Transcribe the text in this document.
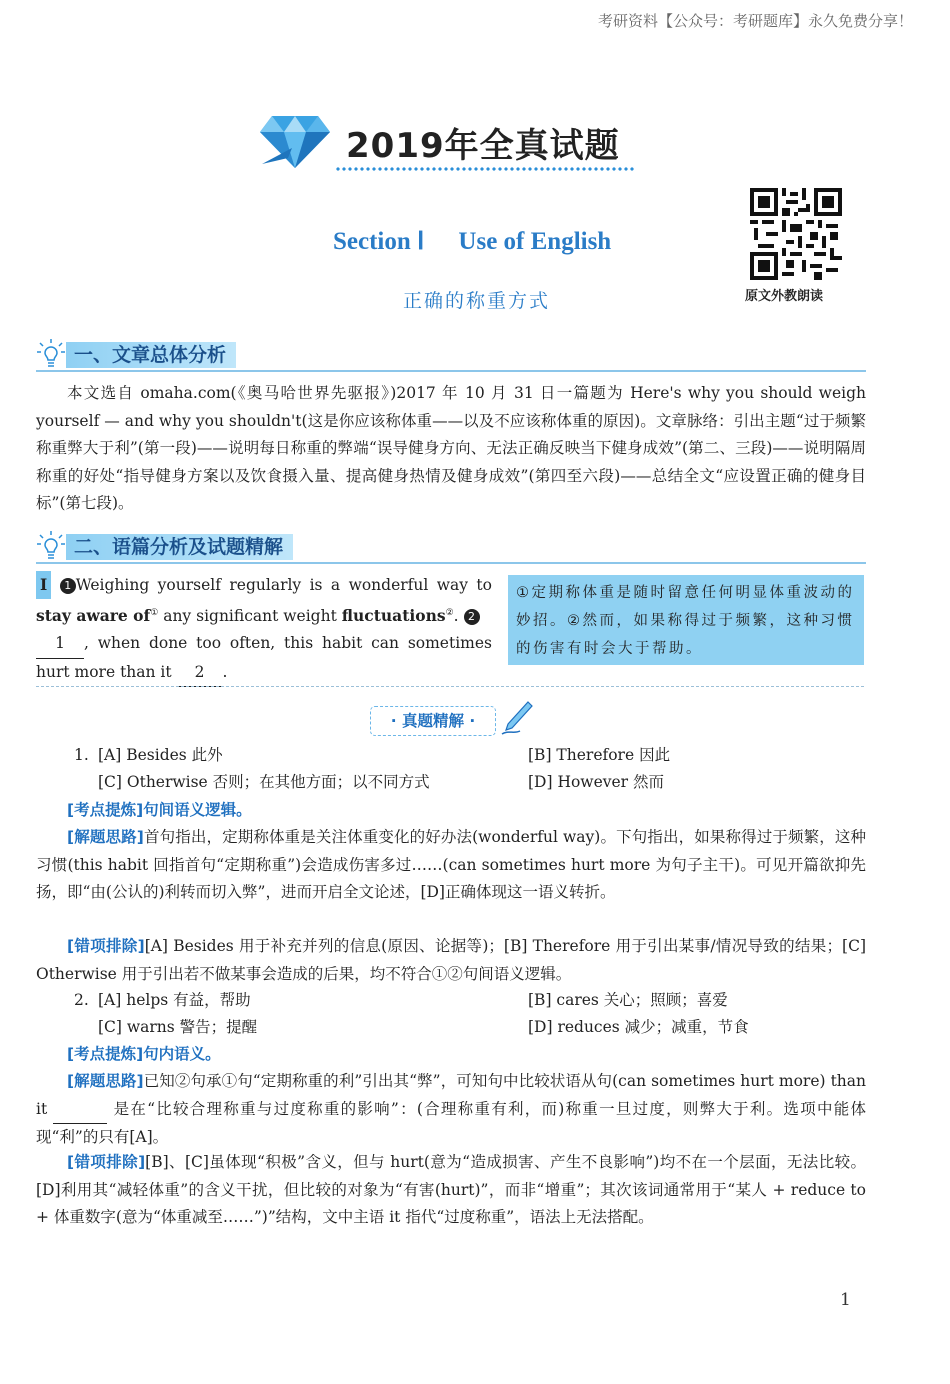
考研资料【公众号：考研题库】永久免费分享！
2019年全真试题
Section Ⅰ Use of English
正确的称重方式	原文外教朗读
一、文章总体分析
本文选自 omaha.com(《奥马哈世界先驱报》)2017 年 10 月 31 日一篇题为 Here's why you should weigh yourself — and why you shouldn't(这是你应该称体重——以及不应该称体重的原因)。文章脉络：引出主题“过于频繁称重弊大于利”(第一段)——说明每日称重的弊端“误导健身方向、无法正确反映当下健身成效”(第二、三段)——说明隔周称重的好处“指导健身方案以及饮食摄入量、提高健身热情及健身成效”(第四至六段)——总结全文“应设置正确的健身目标”(第七段)。
二、语篇分析及试题精解
Ⅰ 1 Weighing yourself regularly is a wonderful way to stay aware of① any significant weight fluctuations②. 2
1 , when done too often, this habit can sometimes hurt more than it 2 .
①定期称体重是随时留意任何明显体重波动的妙招。②然而，如果称得过于频繁，这种习惯的伤害有时会大于帮助。
· 真题精解 ·
1. [A] Besides 此外	[B] Therefore 因此
[C] Otherwise 否则；在其他方面；以不同方式	[D] However 然而
[考点提炼]句间语义逻辑。
[解题思路]首句指出，定期称体重是关注体重变化的好办法(wonderful way)。下句指出，如果称得过于频繁，这种习惯(this habit 回指首句“定期称重”)会造成伤害多过……(can sometimes hurt more 为句子主干)。可见开篇欲抑先扬，即“由(公认的)利转而切入弊”，进而开启全文论述，[D]正确体现这一语义转折。
[错项排除][A] Besides 用于补充并列的信息(原因、论据等)；[B] Therefore 用于引出某事/情况导致的结果；[C] Otherwise 用于引出若不做某事会造成的后果，均不符合①②句间语义逻辑。
2. [A] helps 有益，帮助	[B] cares 关心；照顾；喜爱
[C] warns 警告；提醒	[D] reduces 减少；减重，节食
[考点提炼]句内语义。
[解题思路]已知②句承①句“定期称重的利”引出其“弊”，可知句中比较状语从句(can sometimes hurt more) than it	是在“比较合理称重与过度称重的影响”：(合理称重有利，而)称重一旦过度，则弊大于利。选项中能体现“利”的只有[A]。
[错项排除][B]、[C]虽体现“积极”含义，但与 hurt(意为“造成损害、产生不良影响”)均不在一个层面，无法比较。[D]利用其“减轻体重”的含义干扰，但比较的对象为“有害(hurt)”，而非“增重”；其次该词通常用于“某人 + reduce to + 体重数字(意为“体重减至……”)”结构，文中主语 it 指代“过度称重”，语法上无法搭配。
1
